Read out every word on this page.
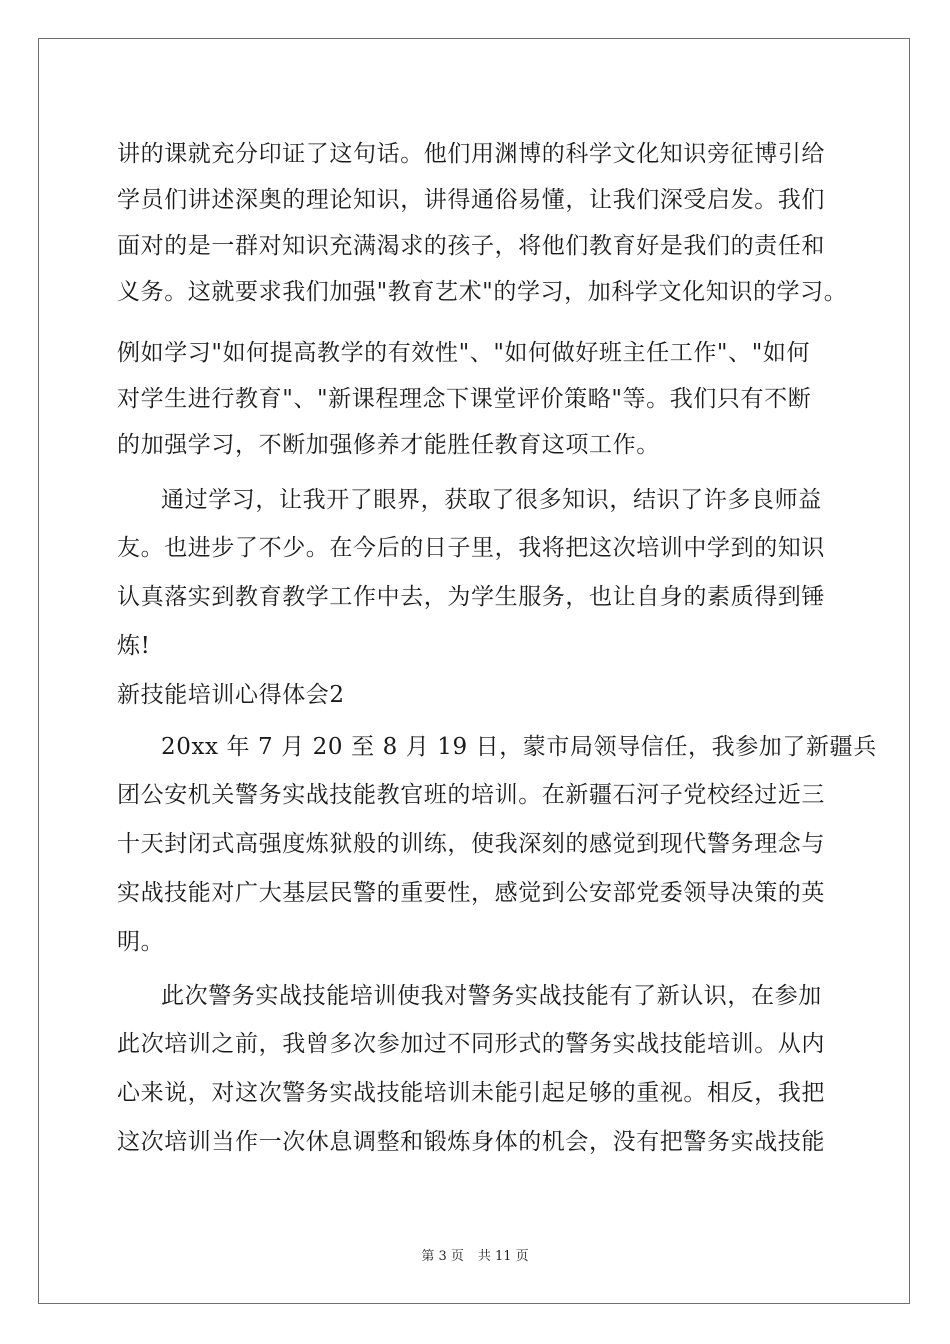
讲的课就充分印证了这句话。他们用渊博的科学文化知识旁征博引给
学员们讲述深奥的理论知识，讲得通俗易懂，让我们深受启发。我们
面对的是一群对知识充满渴求的孩子，将他们教育好是我们的责任和
义务。这就要求我们加强"教育艺术"的学习，加科学文化知识的学习。
例如学习"如何提高教学的有效性"、"如何做好班主任工作"、"如何
对学生进行教育"、"新课程理念下课堂评价策略"等。我们只有不断
的加强学习，不断加强修养才能胜任教育这项工作。
通过学习，让我开了眼界，获取了很多知识，结识了许多良师益
友。也进步了不少。在今后的日子里，我将把这次培训中学到的知识
认真落实到教育教学工作中去，为学生服务，也让自身的素质得到锤
炼!
新技能培训心得体会2
20xx 年 7 月 20 至 8 月 19 日，蒙市局领导信任，我参加了新疆兵
团公安机关警务实战技能教官班的培训。在新疆石河子党校经过近三
十天封闭式高强度炼狱般的训练，使我深刻的感觉到现代警务理念与
实战技能对广大基层民警的重要性，感觉到公安部党委领导决策的英
明。
此次警务实战技能培训使我对警务实战技能有了新认识，在参加
此次培训之前，我曾多次参加过不同形式的警务实战技能培训。从内
心来说，对这次警务实战技能培训未能引起足够的重视。相反，我把
这次培训当作一次休息调整和锻炼身体的机会，没有把警务实战技能
第 3 页 共 11 页
